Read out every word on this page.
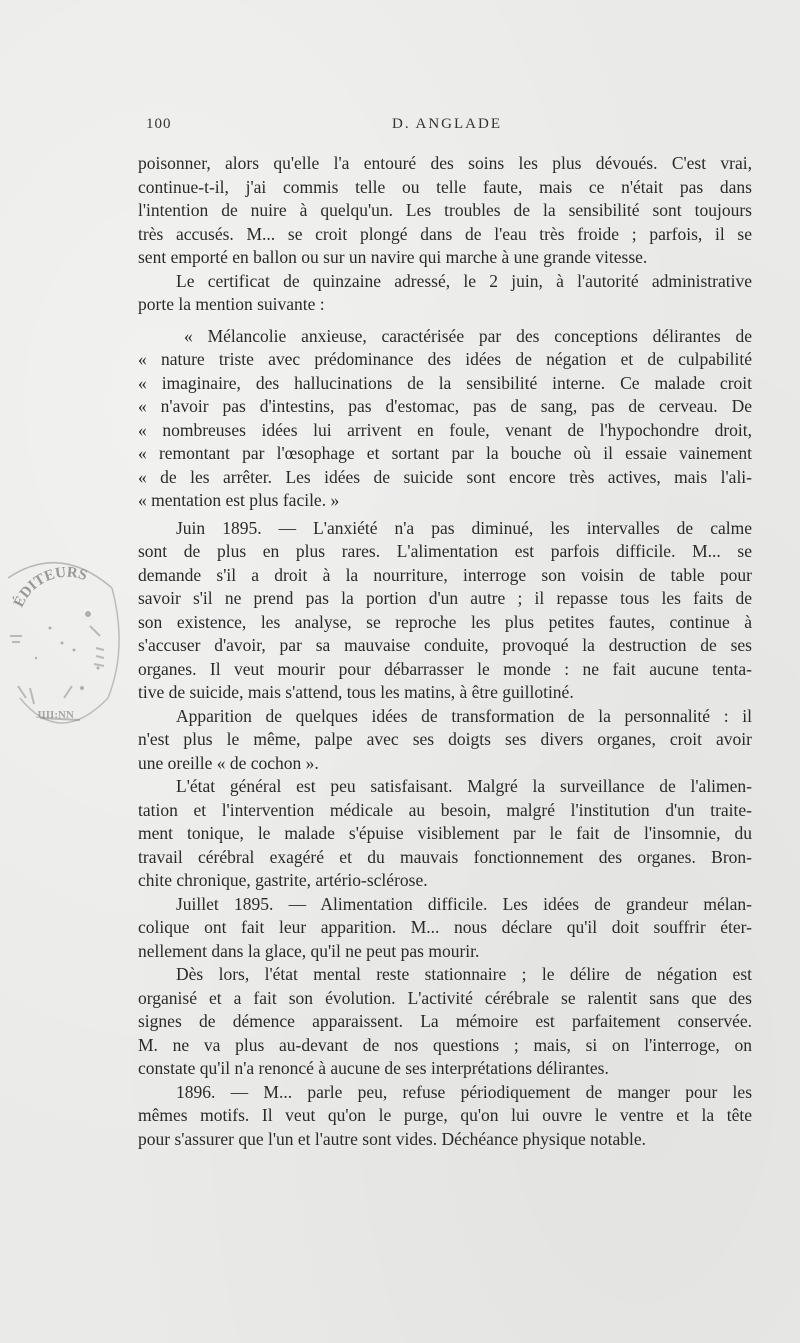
100	D. ANGLADE
ÉDITEURS
JIII:NN
poisonner, alors qu'elle l'a entouré des soins les plus dévoués. C'est vrai,
continue-t-il, j'ai commis telle ou telle faute, mais ce n'était pas dans
l'intention de nuire à quelqu'un. Les troubles de la sensibilité sont toujours
très accusés. M... se croit plongé dans de l'eau très froide ; parfois, il se
sent emporté en ballon ou sur un navire qui marche à une grande vitesse.
Le certificat de quinzaine adressé, le 2 juin, à l'autorité administrative
porte la mention suivante :
« Mélancolie anxieuse, caractérisée par des conceptions délirantes de
« nature triste avec prédominance des idées de négation et de culpabilité
« imaginaire, des hallucinations de la sensibilité interne. Ce malade croit
« n'avoir pas d'intestins, pas d'estomac, pas de sang, pas de cerveau. De
« nombreuses idées lui arrivent en foule, venant de l'hypochondre droit,
« remontant par l'œsophage et sortant par la bouche où il essaie vainement
« de les arrêter. Les idées de suicide sont encore très actives, mais l'ali-
« mentation est plus facile. »
Juin 1895. — L'anxiété n'a pas diminué, les intervalles de calme
sont de plus en plus rares. L'alimentation est parfois difficile. M... se
demande s'il a droit à la nourriture, interroge son voisin de table pour
savoir s'il ne prend pas la portion d'un autre ; il repasse tous les faits de
son existence, les analyse, se reproche les plus petites fautes, continue à
s'accuser d'avoir, par sa mauvaise conduite, provoqué la destruction de ses
organes. Il veut mourir pour débarrasser le monde : ne fait aucune tenta-
tive de suicide, mais s'attend, tous les matins, à être guillotiné.
Apparition de quelques idées de transformation de la personnalité : il
n'est plus le même, palpe avec ses doigts ses divers organes, croit avoir
une oreille « de cochon ».
L'état général est peu satisfaisant. Malgré la surveillance de l'alimen-
tation et l'intervention médicale au besoin, malgré l'institution d'un traite-
ment tonique, le malade s'épuise visiblement par le fait de l'insomnie, du
travail cérébral exagéré et du mauvais fonctionnement des organes. Bron-
chite chronique, gastrite, artério-sclérose.
Juillet 1895. — Alimentation difficile. Les idées de grandeur mélan-
colique ont fait leur apparition. M... nous déclare qu'il doit souffrir éter-
nellement dans la glace, qu'il ne peut pas mourir.
Dès lors, l'état mental reste stationnaire ; le délire de négation est
organisé et a fait son évolution. L'activité cérébrale se ralentit sans que des
signes de démence apparaissent. La mémoire est parfaitement conservée.
M. ne va plus au-devant de nos questions ; mais, si on l'interroge, on
constate qu'il n'a renoncé à aucune de ses interprétations délirantes.
1896. — M... parle peu, refuse périodiquement de manger pour les
mêmes motifs. Il veut qu'on le purge, qu'on lui ouvre le ventre et la tête
pour s'assurer que l'un et l'autre sont vides. Déchéance physique notable.
